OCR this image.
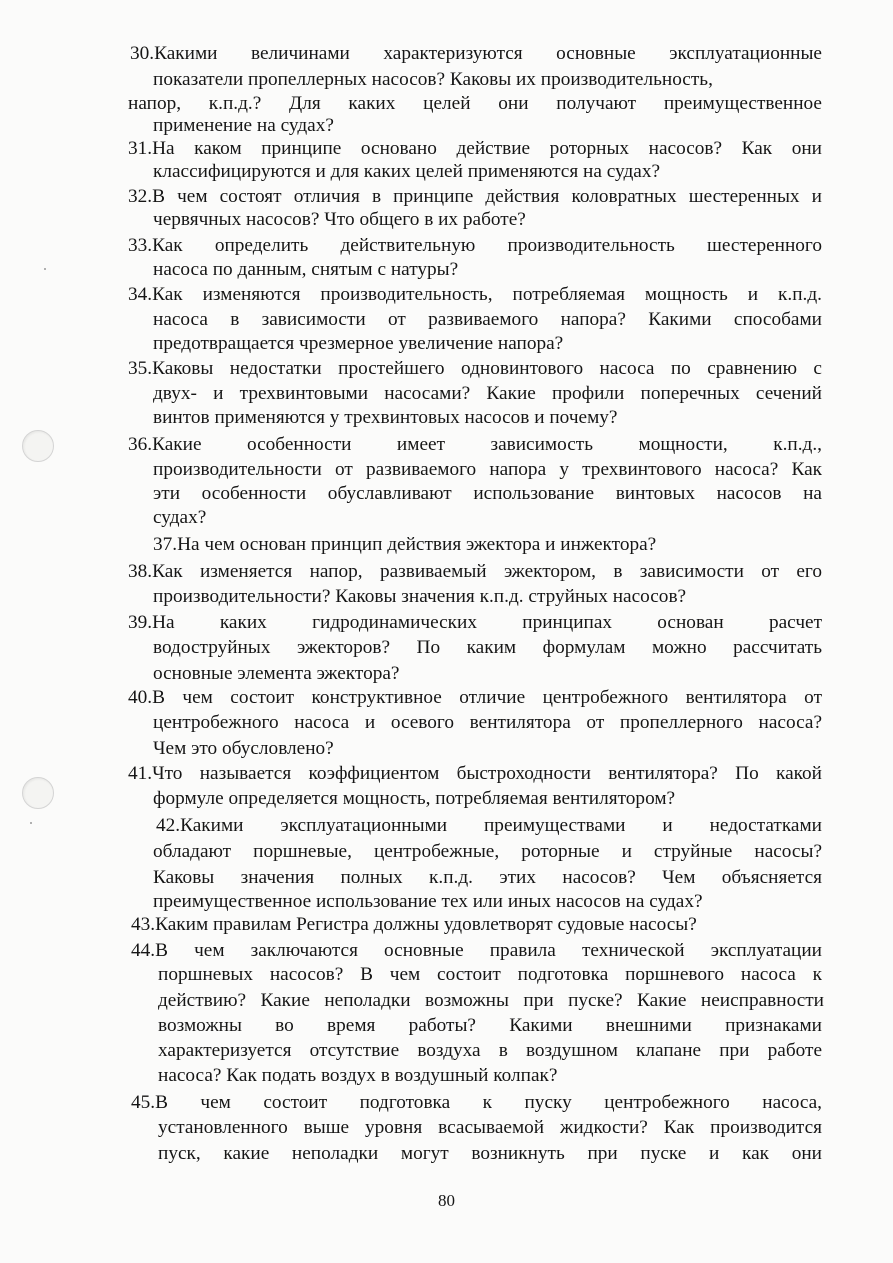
30.Какими величинами характеризуются основные эксплуатационные
показатели пропеллерных насосов? Каковы их производительность,
напор, к.п.д.? Для каких целей они получают преимущественное
применение на судах?
31.На каком принципе основано действие роторных насосов? Как они
классифицируются и для каких целей применяются на судах?
32.В чем состоят отличия в принципе действия коловратных шестеренных и
червячных насосов? Что общего в их работе?
33.Как определить действительную производительность шестеренного
насоса по данным, снятым с натуры?
34.Как изменяются производительность, потребляемая мощность и к.п.д.
насоса в зависимости от развиваемого напора? Какими способами
предотвращается чрезмерное увеличение напора?
35.Каковы недостатки простейшего одновинтового насоса по сравнению с
двух- и трехвинтовыми насосами? Какие профили поперечных сечений
винтов применяются у трехвинтовых насосов и почему?
36.Какие особенности имеет зависимость мощности, к.п.д.,
производительности от развиваемого напора у трехвинтового насоса? Как
эти особенности обуславливают использование винтовых насосов на
судах?
37.На чем основан принцип действия эжектора и инжектора?
38.Как изменяется напор, развиваемый эжектором, в зависимости от его
производительности? Каковы значения к.п.д. струйных насосов?
39.На каких гидродинамических принципах основан расчет
водоструйных эжекторов? По каким формулам можно рассчитать
основные элемента эжектора?
40.В чем состоит конструктивное отличие центробежного вентилятора от
центробежного насоса и осевого вентилятора от пропеллерного насоса?
Чем это обусловлено?
41.Что называется коэффициентом быстроходности вентилятора? По какой
формуле определяется мощность, потребляемая вентилятором?
42.Какими эксплуатационными преимуществами и недостатками
обладают поршневые, центробежные, роторные и струйные насосы?
Каковы значения полных к.п.д. этих насосов? Чем объясняется
преимущественное использование тех или иных насосов на судах?
43.Каким правилам Регистра должны удовлетворят судовые насосы?
44.В чем заключаются основные правила технической эксплуатации
поршневых насосов? В чем состоит подготовка поршневого насоса к
действию? Какие неполадки возможны при пуске? Какие неисправности
возможны во время работы? Какими внешними признаками
характеризуется отсутствие воздуха в воздушном клапане при работе
насоса? Как подать воздух в воздушный колпак?
45.В чем состоит подготовка к пуску центробежного насоса,
установленного выше уровня всасываемой жидкости? Как производится
пуск, какие неполадки могут возникнуть при пуске и как они
80
